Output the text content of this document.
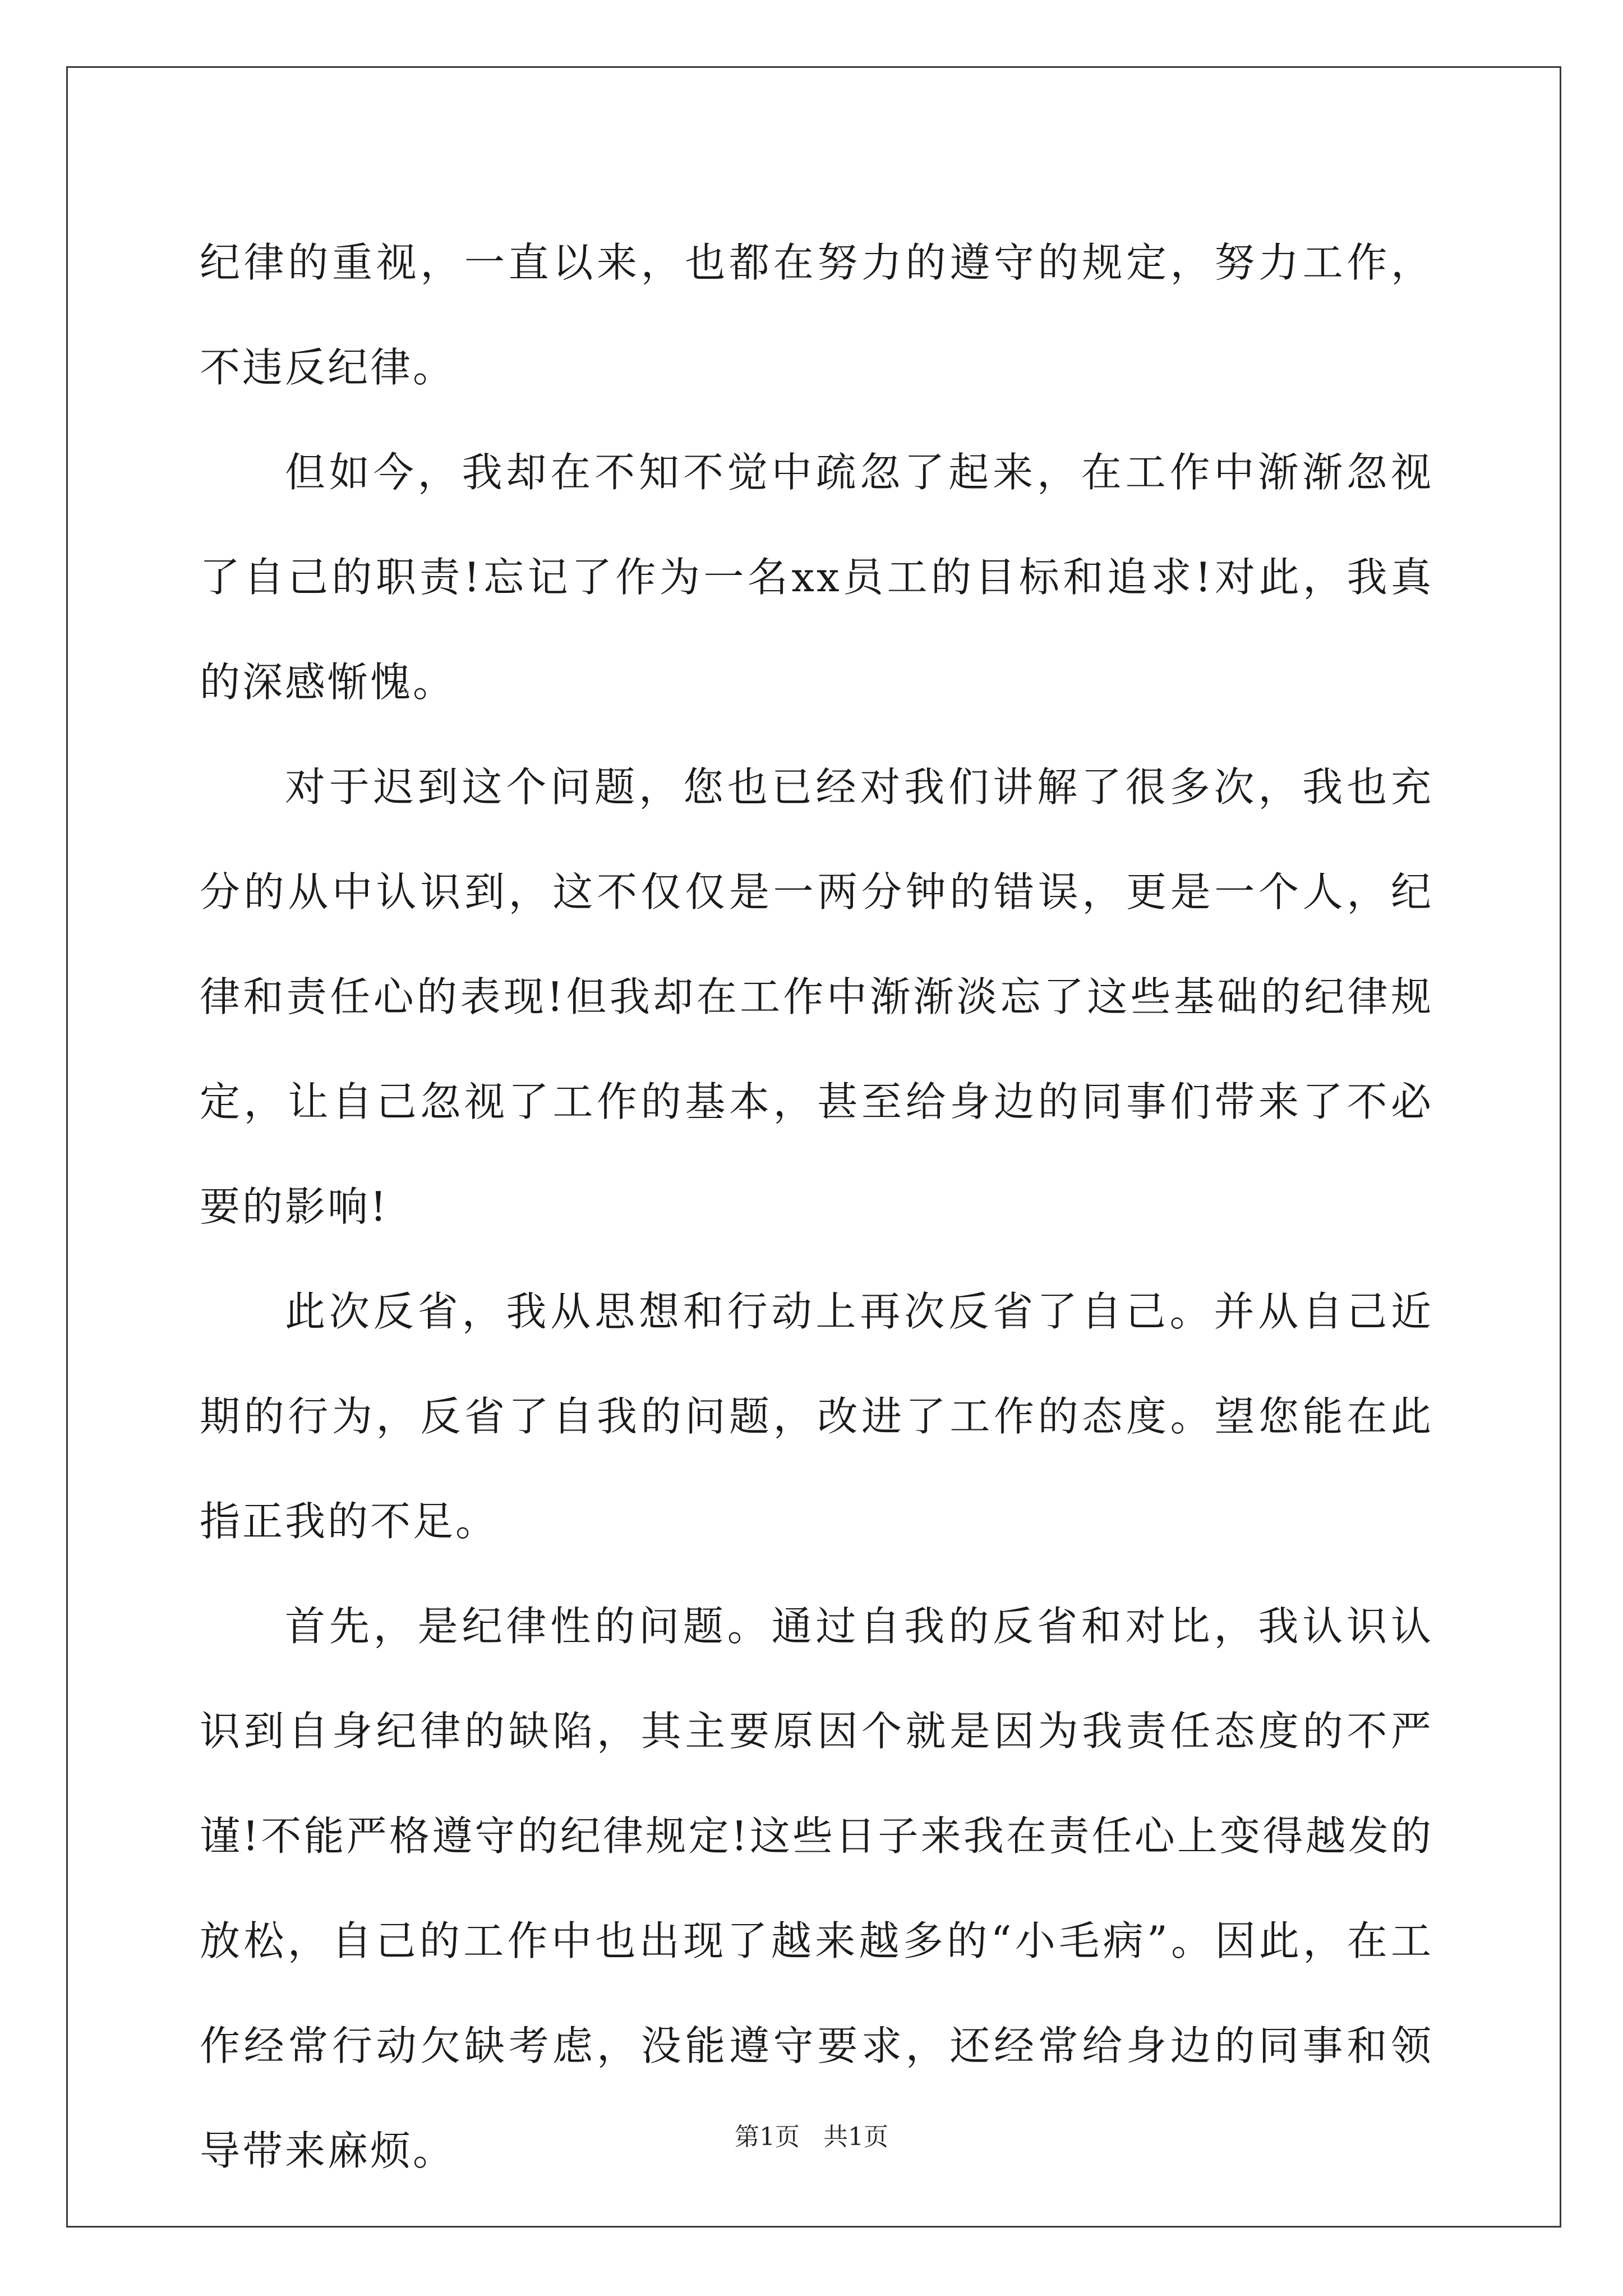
纪律的重视，一直以来，也都在努力的遵守的规定，努力工作，不违反纪律。

但如今，我却在不知不觉中疏忽了起来，在工作中渐渐忽视了自己的职责!忘记了作为一名xx员工的目标和追求!对此，我真的深感惭愧。

对于迟到这个问题，您也已经对我们讲解了很多次，我也充分的从中认识到，这不仅仅是一两分钟的错误，更是一个人，纪律和责任心的表现!但我却在工作中渐渐淡忘了这些基础的纪律规定，让自己忽视了工作的基本，甚至给身边的同事们带来了不必要的影响!

此次反省，我从思想和行动上再次反省了自己。并从自己近期的行为，反省了自我的问题，改进了工作的态度。望您能在此指正我的不足。

首先，是纪律性的问题。通过自我的反省和对比，我认识认识到自身纪律的缺陷，其主要原因个就是因为我责任态度的不严谨!不能严格遵守的纪律规定!这些日子来我在责任心上变得越发的放松，自己的工作中也出现了越来越多的“小毛病”。因此，在工作经常行动欠缺考虑，没能遵守要求，还经常给身边的同事和领导带来麻烦。	第1页   共1页
